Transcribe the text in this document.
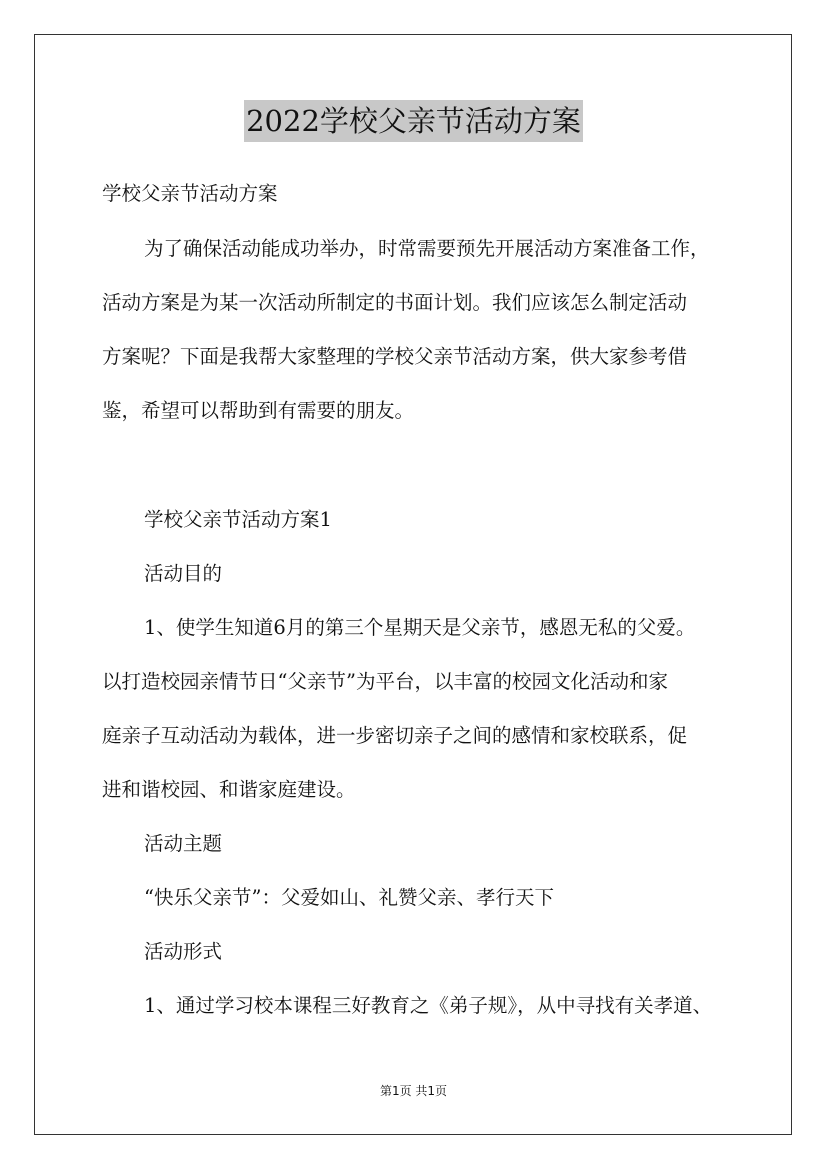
2022学校父亲节活动方案
学校父亲节活动方案
为了确保活动能成功举办，时常需要预先开展活动方案准备工作，
活动方案是为某一次活动所制定的书面计划。我们应该怎么制定活动
方案呢？下面是我帮大家整理的学校父亲节活动方案，供大家参考借
鉴，希望可以帮助到有需要的朋友。
学校父亲节活动方案1
活动目的
1、使学生知道6月的第三个星期天是父亲节，感恩无私的父爱。
以打造校园亲情节日“父亲节”为平台，以丰富的校园文化活动和家
庭亲子互动活动为载体，进一步密切亲子之间的感情和家校联系，促
进和谐校园、和谐家庭建设。
活动主题
“快乐父亲节”：父爱如山、礼赞父亲、孝行天下
活动形式
1、通过学习校本课程三好教育之《弟子规》，从中寻找有关孝道、
第1页 共1页
